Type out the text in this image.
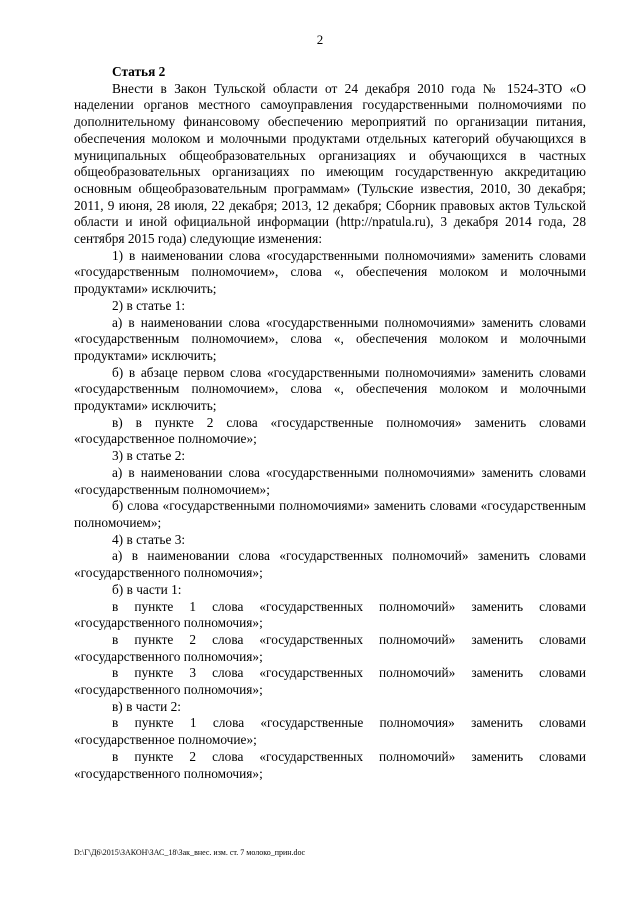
2

Статья 2

Внести в Закон Тульской области от 24 декабря 2010 года № 1524-ЗТО «О наделении органов местного самоуправления государственными полномочиями по дополнительному финансовому обеспечению мероприятий по организации питания, обеспечения молоком и молочными продуктами отдельных категорий обучающихся в муниципальных общеобразовательных организациях и обучающихся в частных общеобразовательных организациях по имеющим государственную аккредитацию основным общеобразовательным программам» (Тульские известия, 2010, 30 декабря; 2011, 9 июня, 28 июля, 22 декабря; 2013, 12 декабря; Сборник правовых актов Тульской области и иной официальной информации (http://npatula.ru), 3 декабря 2014 года, 28 сентября 2015 года) следующие изменения:

1) в наименовании слова «государственными полномочиями» заменить словами «государственным полномочием», слова «, обеспечения молоком и молочными продуктами» исключить;

2) в статье 1:

а) в наименовании слова «государственными полномочиями» заменить словами «государственным полномочием», слова «, обеспечения молоком и молочными продуктами» исключить;

б) в абзаце первом слова «государственными полномочиями» заменить словами «государственным полномочием», слова «, обеспечения молоком и молочными продуктами» исключить;

в) в пункте 2 слова «государственные полномочия» заменить словами «государственное полномочие»;

3) в статье 2:

а) в наименовании слова «государственными полномочиями» заменить словами «государственным полномочием»;

б) слова «государственными полномочиями» заменить словами «государственным полномочием»;

4) в статье 3:

а) в наименовании слова «государственных полномочий» заменить словами «государственного полномочия»;

б) в части 1:

в пункте 1 слова «государственных полномочий» заменить словами «государственного полномочия»;

в пункте 2 слова «государственных полномочий» заменить словами «государственного полномочия»;

в пункте 3 слова «государственных полномочий» заменить словами «государственного полномочия»;

в) в части 2:

в пункте 1 слова «государственные полномочия» заменить словами «государственное полномочие»;

в пункте 2 слова «государственных полномочий» заменить словами «государственного полномочия»;

D:\Г\Д6\2015\ЗАКОН\ЗАС_18\Зак_внес. изм. ст. 7 молоко_прин.doc
